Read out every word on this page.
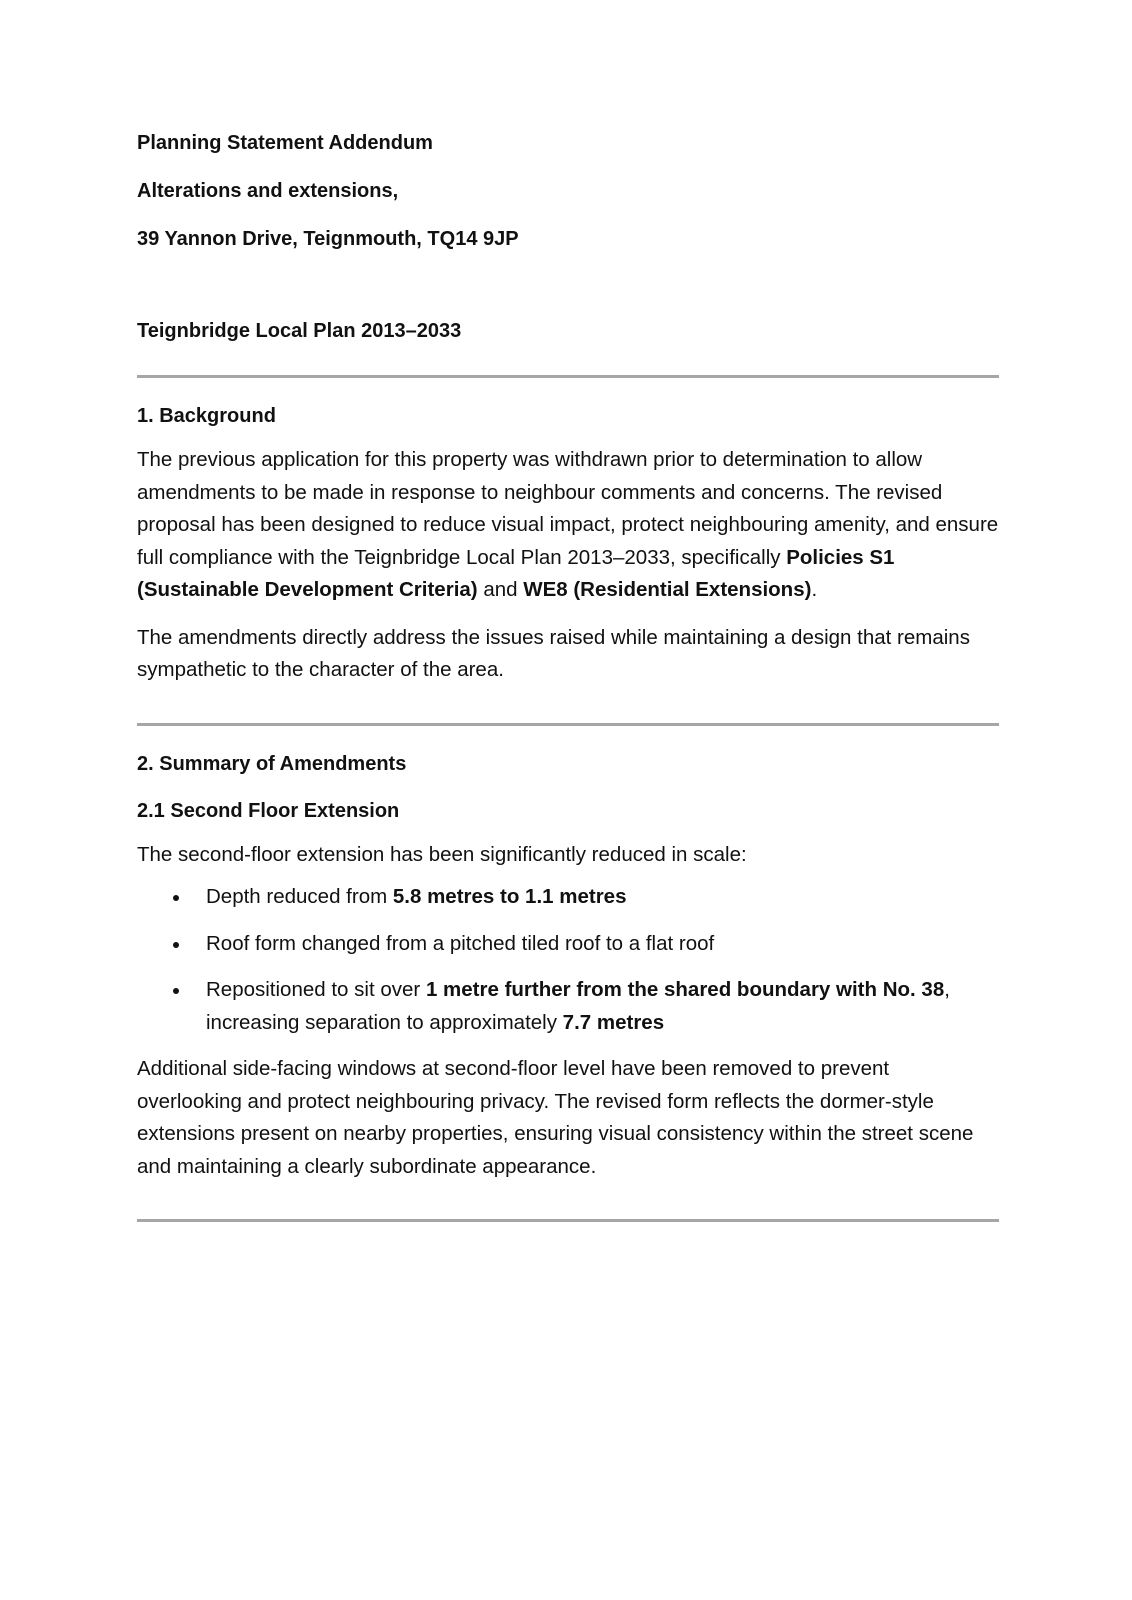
Planning Statement Addendum
Alterations and extensions,
39 Yannon Drive, Teignmouth, TQ14 9JP
Teignbridge Local Plan 2013–2033
1. Background

The previous application for this property was withdrawn prior to determination to allow amendments to be made in response to neighbour comments and concerns. The revised proposal has been designed to reduce visual impact, protect neighbouring amenity, and ensure full compliance with the Teignbridge Local Plan 2013–2033, specifically Policies S1 (Sustainable Development Criteria) and WE8 (Residential Extensions).

The amendments directly address the issues raised while maintaining a design that remains sympathetic to the character of the area.

2. Summary of Amendments
2.1 Second Floor Extension

The second-floor extension has been significantly reduced in scale:

Depth reduced from 5.8 metres to 1.1 metres
Roof form changed from a pitched tiled roof to a flat roof
Repositioned to sit over 1 metre further from the shared boundary with No. 38, increasing separation to approximately 7.7 metres

Additional side-facing windows at second-floor level have been removed to prevent overlooking and protect neighbouring privacy. The revised form reflects the dormer-style extensions present on nearby properties, ensuring visual consistency within the street scene and maintaining a clearly subordinate appearance.
